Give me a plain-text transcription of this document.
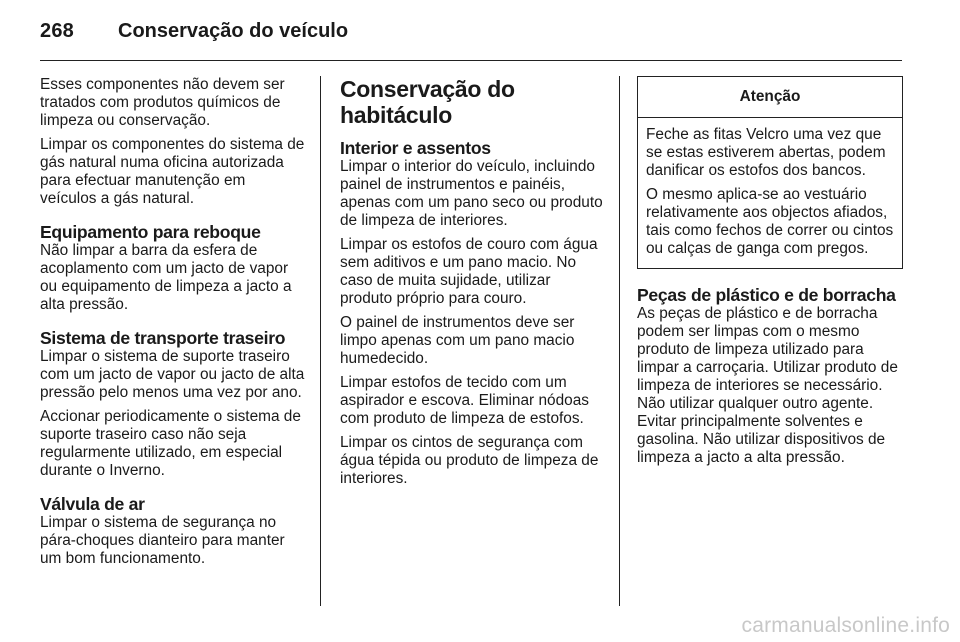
268 Conservação do veículo

Esses componentes não devem ser tratados com produtos químicos de limpeza ou conservação.

Limpar os componentes do sistema de gás natural numa oficina autorizada para efectuar manutenção em veículos a gás natural.

Equipamento para reboque

Não limpar a barra da esfera de acoplamento com um jacto de vapor ou equipamento de limpeza a jacto a alta pressão.

Sistema de transporte traseiro

Limpar o sistema de suporte traseiro com um jacto de vapor ou jacto de alta pressão pelo menos uma vez por ano.

Accionar periodicamente o sistema de suporte traseiro caso não seja regularmente utilizado, em especial durante o Inverno.

Válvula de ar

Limpar o sistema de segurança no pára-choques dianteiro para manter um bom funcionamento.

Conservação do habitáculo
Interior e assentos

Limpar o interior do veículo, incluindo painel de instrumentos e painéis, apenas com um pano seco ou produto de limpeza de interiores.

Limpar os estofos de couro com água sem aditivos e um pano macio. No caso de muita sujidade, utilizar produto próprio para couro.

O painel de instrumentos deve ser limpo apenas com um pano macio humedecido.

Limpar estofos de tecido com um aspirador e escova. Eliminar nódoas com produto de limpeza de estofos.

Limpar os cintos de segurança com água tépida ou produto de limpeza de interiores.

Atenção

Feche as fitas Velcro uma vez que se estas estiverem abertas, podem danificar os estofos dos bancos.

O mesmo aplica-se ao vestuário relativamente aos objectos afiados, tais como fechos de correr ou cintos ou calças de ganga com pregos.

Peças de plástico e de borracha

As peças de plástico e de borracha podem ser limpas com o mesmo produto de limpeza utilizado para limpar a carroçaria. Utilizar produto de limpeza de interiores se necessário. Não utilizar qualquer outro agente. Evitar principalmente solventes e gasolina. Não utilizar dispositivos de limpeza a jacto a alta pressão.

carmanualsonline.info
